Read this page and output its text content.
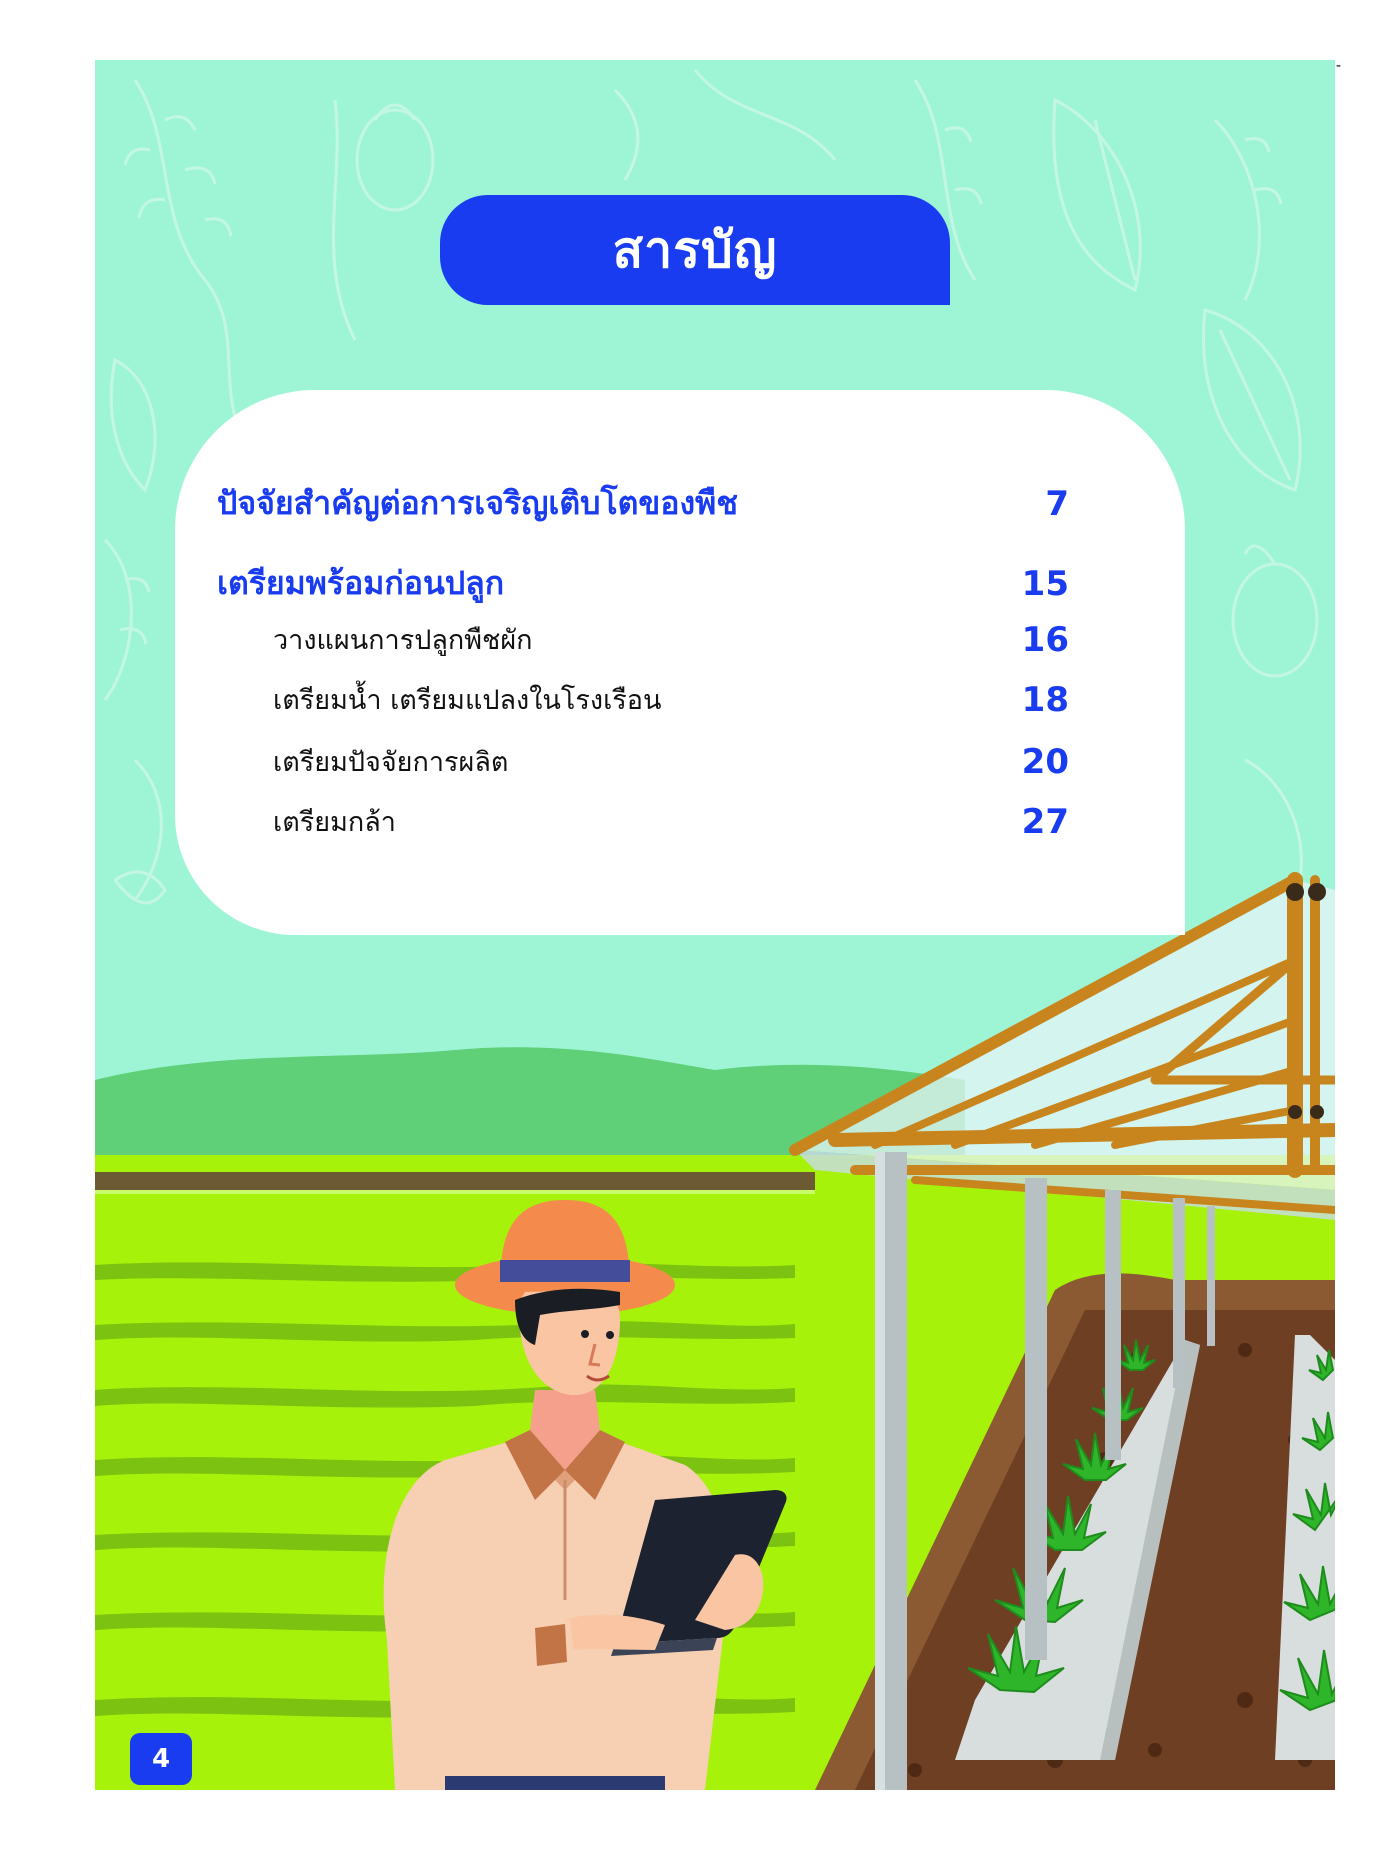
สารบัญ
ปัจจัยสำคัญต่อการเจริญเติบโตของพืช	7
เตรียมพร้อมก่อนปลูก	15
วางแผนการปลูกพืชผัก	16
เตรียมน้ำ เตรียมแปลงในโรงเรือน	18
เตรียมปัจจัยการผลิต	20
เตรียมกล้า	27
4
-
